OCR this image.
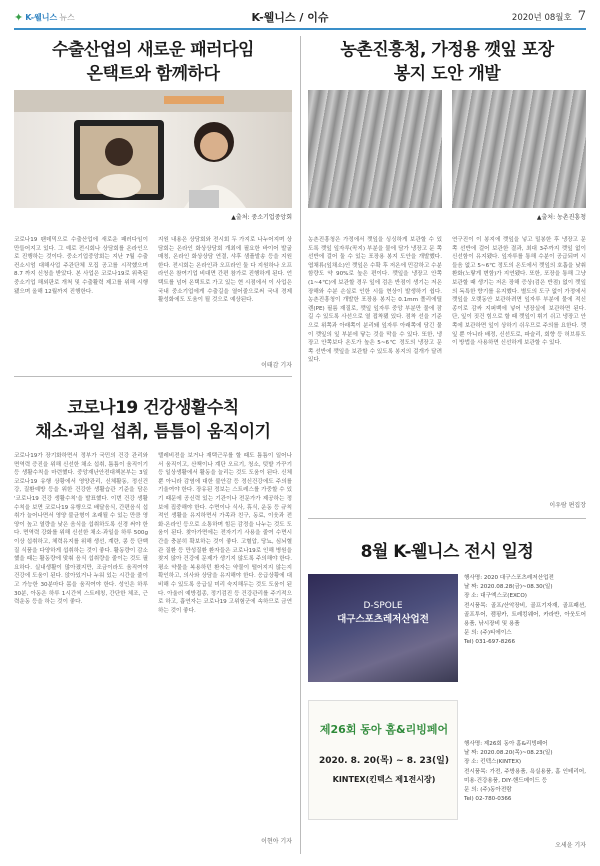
✦ K-웰니스 뉴스	K-웰니스 / 이슈	2020년 08월호 7
수출산업의 새로운 패러다임
온택트와 함께하다
▲출처: 중소기업중앙회
코로나19 팬데믹으로 수출산업에 새로운 패러다임이 만들어지고 있다. 그 예로 전시회나 상담회를 온라인으로 진행하는 것이다. 중소기업중앙회는 지난 7월 수출 컨소시엄 대해사업 주관단체 모집 공고를 시작했으며 8.7 까지 신청을 받았다. 본 사업은 코로나19로 위축된 중소기업 해외판로 개척 및 수출활력 제고를 위해 시행됐으며 올해 12월까지 진행한다.
지원 내용은 상담회와 전시회 두 가지로 나누어지며 상담회는 온라인 화상상담회 개최에 필요한 바이어 발굴 매칭, 온라인 화상상담 연결, 샤후 샘플발송 등을 지원한다. 전시회는 온라인과 오프라인 둘 다 지원하나 오프라인은 참여기업 비대면 간편 참가로 진행하게 된다. 언택트를 넘어 온택트로 가고 있는 현 시점에서 이 사업은 국내 중소기업에게 수출길을 열어줄으로써 국내 경제 활성화에도 도움이 될 것으로 예상된다.
이태감 기자
농촌진흥청, 가정용 깻잎 포장
봉지 도안 개발
▲출처: 농촌진흥청
농촌진흥청은 가정에서 깻잎을 싱싱하게 보관할 수 있도록 깻잎 잎자루(꼭지) 부분을 물에 담가 냉장고 문 쪽 선반에 걸어 둘 수 있는 포장용 봉지 도안을 개발했다. 엽채류(잎채소)인 깻잎은 수확 후 저온에 민감하고 수분함량도 약 90%로 높은 편이다. 깻잎을 냉장고 안쪽(1~4℃)에 보관할 경우 잎에 검은 반점이 생기는 저온 장해와 수분 손실로 인한 시듦 현상이 발생하기 쉽다. 농촌진흥청이 개발한 포장용 봉지는 0.1mm 폴리에틸렌(PE) 필름 재질로, 깻잎 잎자루 중앙 부분만 물에 잠길 수 있도록 사선으로 열 접착됐 있다. 점착 선을 기준으로 위쪽과 아래쪽이 분리돼 잎자루 아래쪽에 담긴 물이 깻잎의 잎 부분에 닿는 것을 막을 수 있다. 또한, 냉장고 안쪽보다 온도가 높은 5~6℃ 정도의 냉장고 문 쪽 선반에 깻잎을 보관할 수 있도록 봉지의 걸개가 달려 있다.
연구진이 이 봉지에 깻잎을 넣고 밀봉한 후 냉장고 문 쪽 선반에 걸어 보관한 결과, 최대 3주까지 깻잎 없이 신선함이 유지됐다. 잎자루를 통해 수분이 공급되며 시들음 없고 5~6℃ 정도의 온도에서 깻잎의 호흡을 낮춰 환화(노랗게 변함)가 지연됐다. 또한, 포장을 통해 그냥 보관할 때 생기는 저온 장해 증상(검은 반점) 없이 깻잎의 독특한 향기를 유지했다. 별도의 도구 없이 가정에서 깻잎을 오랫동안 보관하려면 잎자루 부분에 물에 적신 종이로 감싸 지퍼백에 넣어 냉장실에 보관하면 된다. 단, 잎이 짓건 힘으로 할 때 깻잎이 휘기 쉬고 냉장고 안쪽에 보관하면 잎이 상하기 쉬우므로 주의를 요한다. 깻잎 뿐 아니라 배정, 신선도로, 파슬리, 회향 등 허브류도 이 방법을 사용하면 신선하게 보관할 수 있다.
이우람 편집장
코로나19 건강생활수칙
채소·과일 섭취, 틈틈이 움직이기
코로나19가 장기화하면서 정부가 국민의 건강 관리와 면역력 증진을 위해 신선한 채소 섭취, 틈틈이 움직이기 등 생활수칙을 마련했다. 중앙재난안전대책본부는 3일 코로나19 유행 상황에서 영양관리, 신체활동, 정신건강, 질환예방 등을 위한 건강한 생활습관 기준을 담은 '코로나19 건강 생활수칙'을 발표했다. 이번 건강 생활수칙을 보면 코로나19 유행으로 배달음식, 간편음식 섭취가 늘어나면서 영양 불균형이 초래될 수 있는 만큼 영양이 높고 열량을 낮은 음식을 섭취하도록 신경 써야 한다. 면역력 강화를 위해 신선한 채소·과일을 하루 500g 이상 섭취하고, 체력유지를 위해 생선, 계란, 콩 등 단백질 식품을 다양하게 섭취하는 것이 좋다. 활동량이 감소했을 때는 활동량에 맞춰 음식 섭취량을 줄이는 것도 필요하다. 실내생활이 많아졌지만, 조금이라도 움직여야 건강에 도움이 된다. 앉아있거나 누워 있는 시간을 줄이고 가능한 30분마다 몸을 움직여야 한다. 성인은 하루 30분, 아동은 하루 1시간씩 스트레칭, 간단한 체조, 근력운동 등을 하는 것이 좋다.
텔레비전을 보거나 재택근무를 할 때도 틈틈이 일어나서 움직이고, 산책이나 계단 오르기, 청소, 텃밭 가꾸기 등 일상생활에서 활동을 늘리는 것도 도움이 된다. 신체뿐 아니라 감염에 대한 불안감 등 정신건강에도 주의를 기울여야 한다. 장유된 정보는 스트레스를 가중할 수 있기 때문에 공신력 있는 기관이나 전문가가 제공하는 정보에 집중해야 한다. 수면이나 식사, 휴식, 운동 등 규칙적인 생활을 유지하면서 가족과 친구, 동료, 이웃과 전화·온라인 등으로 소통하며 힘든 감정을 나누는 것도 도움이 된다. 찾아가면에는 전자기기 사용을 줄여 수면시간을 충분히 확보하는 것이 좋다. 고혈압, 당뇨, 심뇌혈관 질환 등 만성질환 환자들은 코로나19로 인해 병원을 찾지 않아 건강에 문제가 생기지 않도록 주의해야 한다. 평소 약물을 복용하던 환자는 약물이 떨어지지 않는지 확인하고, 의사와 상담을 유지해야 한다. 응급상황에 대비해 수 있도록 응급실 미리 숙지해두는 것도 도움이 된다. 아울러 예방접종, 정기검진 등 건강관리를 주기적으로 하고, 흡연자는 코로나19 고위험군에 속하므로 금연하는 것이 좋다.
이현아 기자
8월 K-웰니스 전시 일정
D-SPOLE
대구스포츠레저산업전
행사명: 2020 대구스포츠레저산업전
날 짜: 2020.08.28(금)~08.30(일)
장 소: 대구엑스코(EXCO)
전시품목: 골프/산악장비, 골프기자재, 골프패션, 골프투어, 캠핑카, 트레킹웨어, 카라반, 아웃도어용품, 낚시장비 및 용품
문 의: (주)티에이스
Tel) 031-697-8266
제26회 동아 홈&리빙페어
2020. 8. 20(목) ~ 8. 23(일)
KINTEX(킨텍스 제1전시장)
행사명: 제26회 동아 홈&리빙페어
날 짜: 2020.08.20(목)~08.23(일)
장 소: 킨텍스(KINTEX)
전시품목: 가전, 주방용품, 욕실용품, 홈 인테리어, 미용·건강용품, DIY·핸드메이드 등
문 의: (주)동아전람
Tel) 02-780-0366
오세윤 기자
